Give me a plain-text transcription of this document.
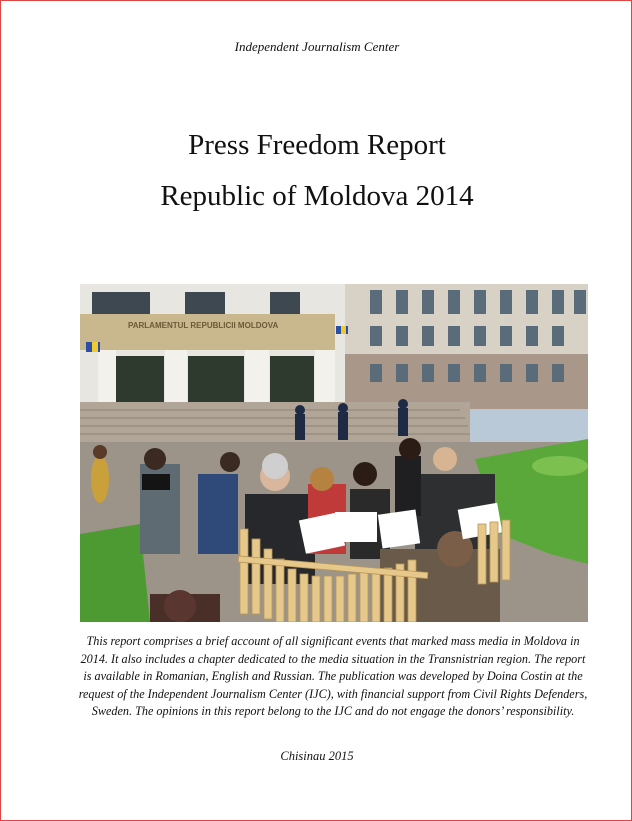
Independent Journalism Center
Press Freedom Report
Republic of Moldova 2014
PARLAMENTUL REPUBLICII MOLDOVA
This report comprises a brief account of all significant events that marked mass media in Moldova in 2014. It also includes a chapter dedicated to the media situation in the Transnistrian region. The report is available in Romanian, English and Russian. The publication was developed by Doina Costin at the request of the Independent Journalism Center (IJC), with financial support from Civil Rights Defenders, Sweden. The opinions in this report belong to the IJC and do not engage the donors’ responsibility.
Chisinau 2015
